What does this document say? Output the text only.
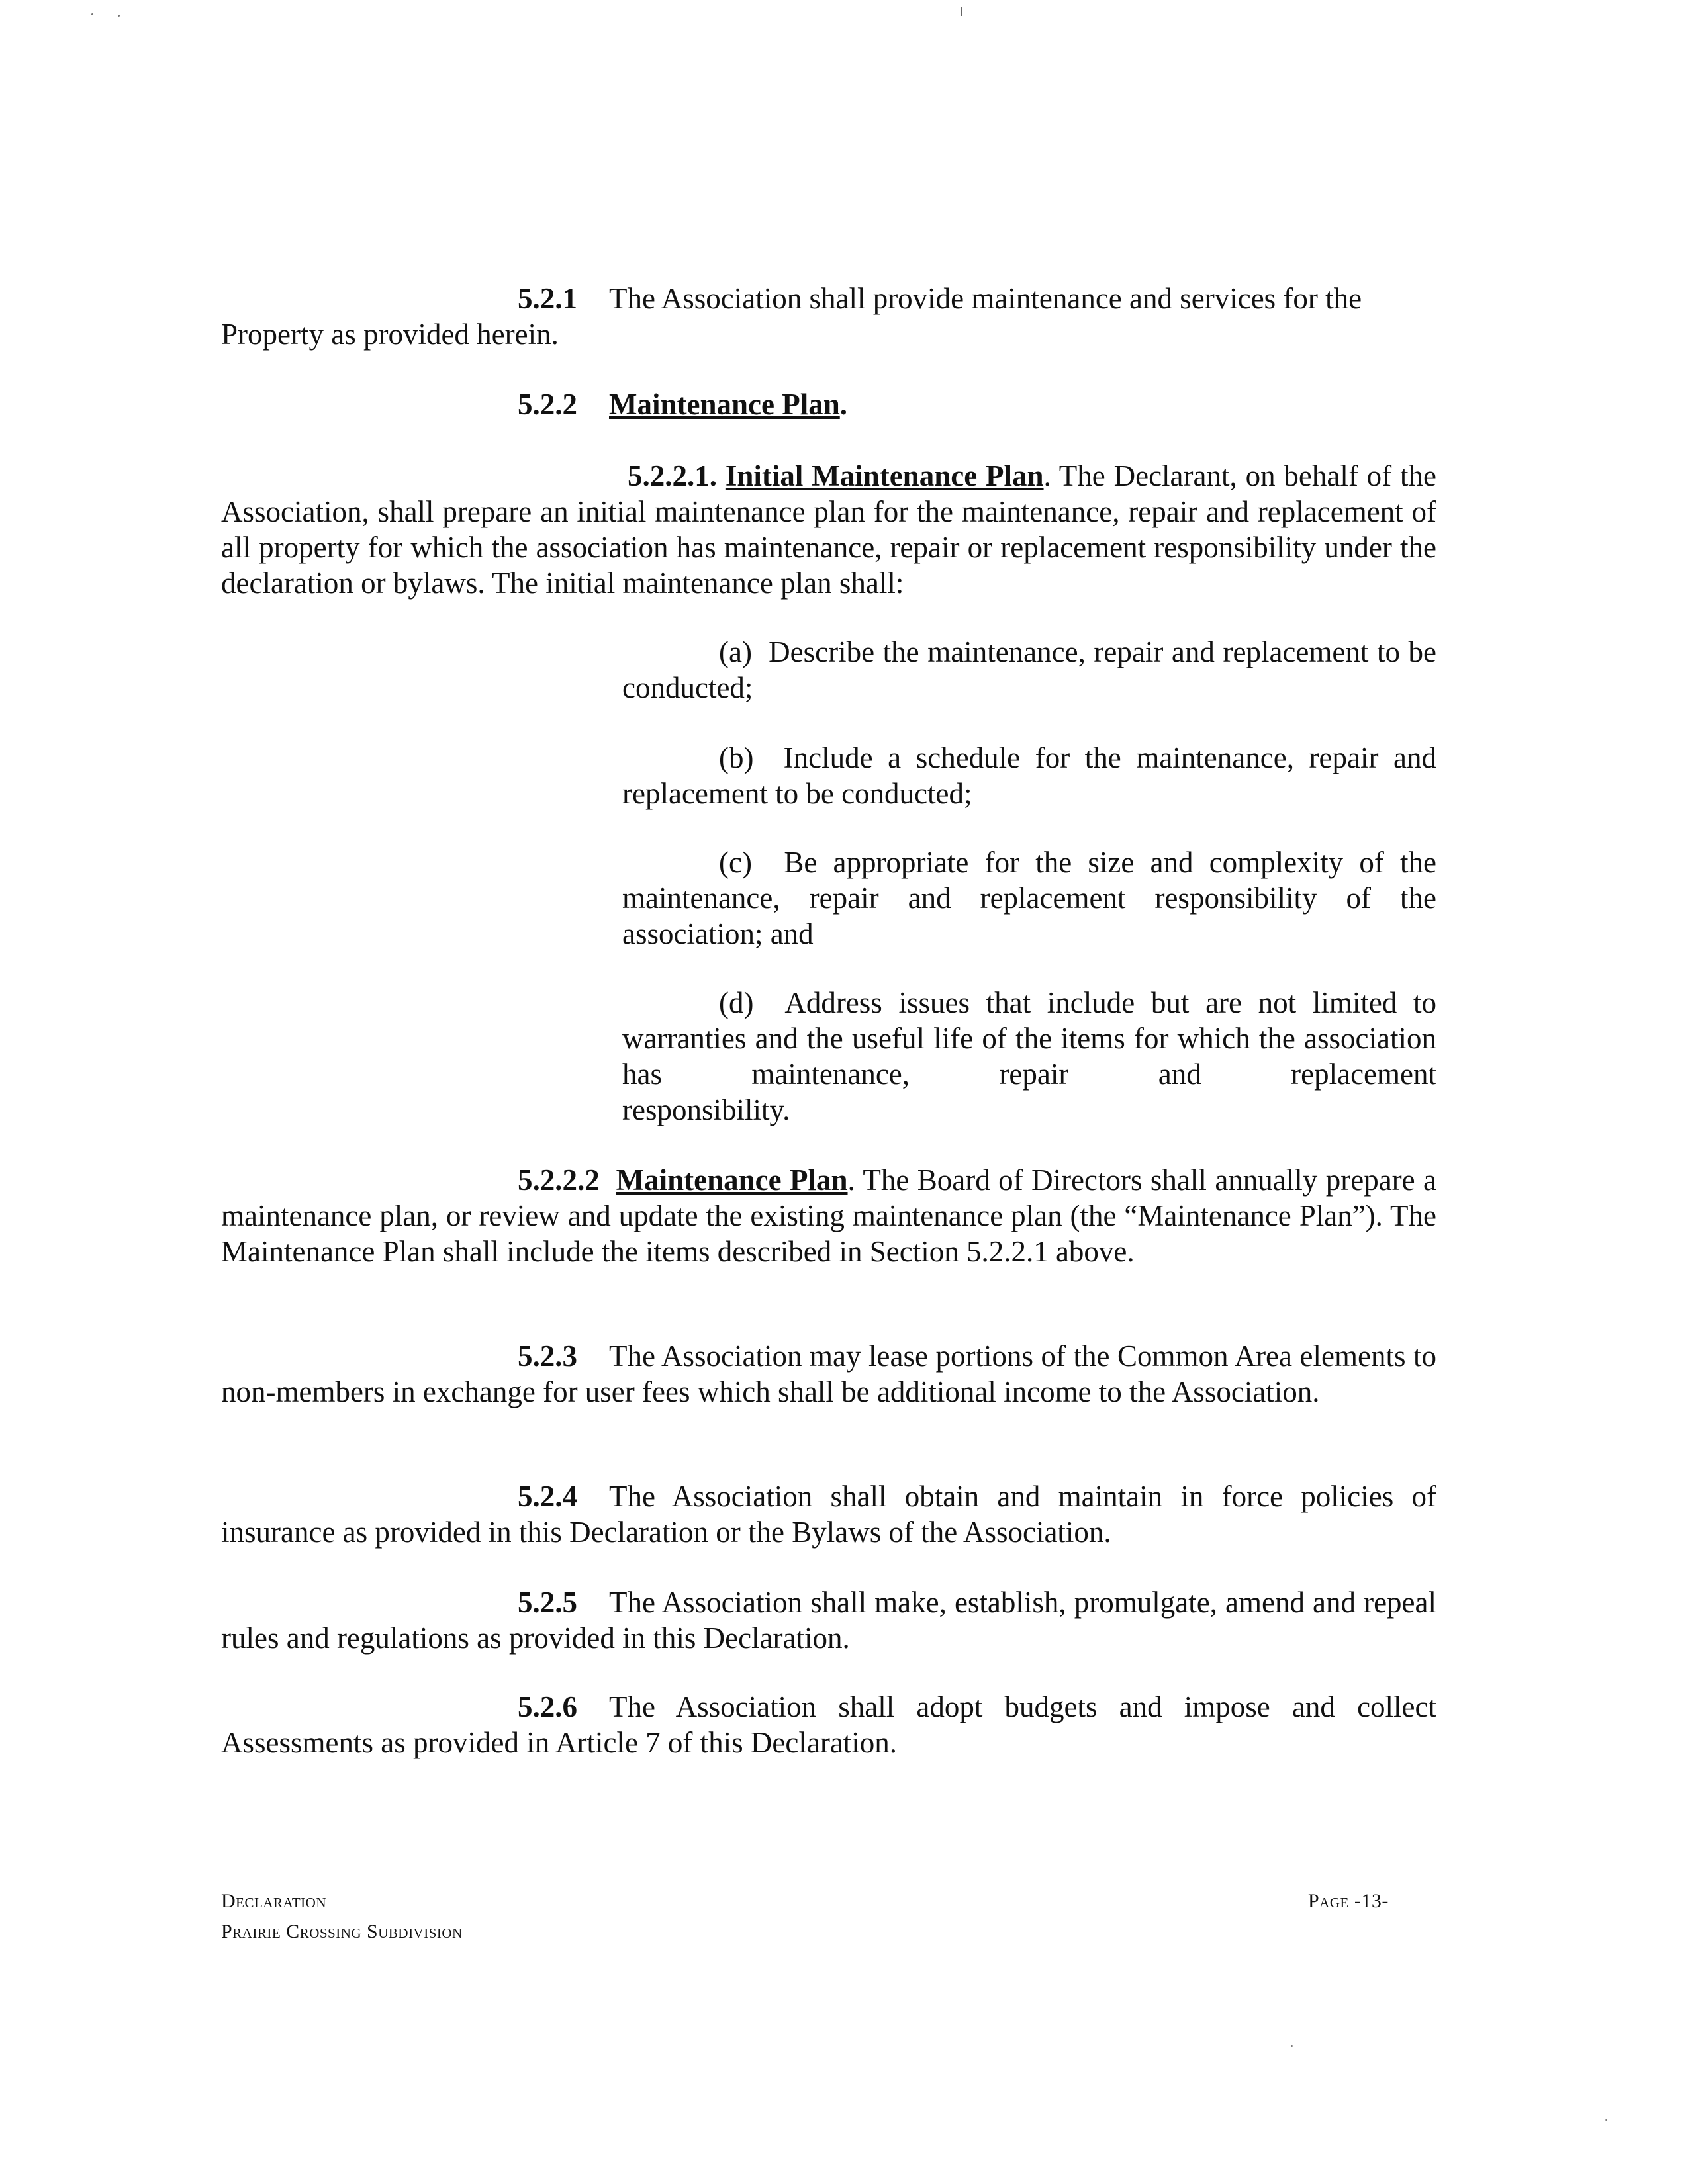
5.2.1 The Association shall provide maintenance and services for the
Property as provided herein.

5.2.2 Maintenance Plan.

5.2.2.1. Initial Maintenance Plan. The Declarant, on behalf of the Association, shall prepare an initial maintenance plan for the maintenance, repair and replacement of all property for which the association has maintenance, repair or replacement responsibility under the declaration or bylaws. The initial maintenance plan shall:

(a) Describe the maintenance, repair and replacement to be conducted;

(b) Include a schedule for the maintenance, repair and replacement to be conducted;

(c) Be appropriate for the size and complexity of the maintenance, repair and replacement responsibility of the association; and

(d) Address issues that include but are not limited to warranties and the useful life of the items for which the association has maintenance, repair and replacement

responsibility.

5.2.2.2 Maintenance Plan. The Board of Directors shall annually prepare a maintenance plan, or review and update the existing maintenance plan (the “Maintenance Plan”). The Maintenance Plan shall include the items described in Section 5.2.2.1 above.

5.2.3 The Association may lease portions of the Common Area elements to non-members in exchange for user fees which shall be additional income to the Association.

5.2.4 The Association shall obtain and maintain in force policies of insurance as provided in this Declaration or the Bylaws of the Association.

5.2.5 The Association shall make, establish, promulgate, amend and repeal rules and regulations as provided in this Declaration.

5.2.6 The Association shall adopt budgets and impose and collect Assessments as provided in Article 7 of this Declaration.

Declaration
Prairie Crossing Subdivision
Page -13-
